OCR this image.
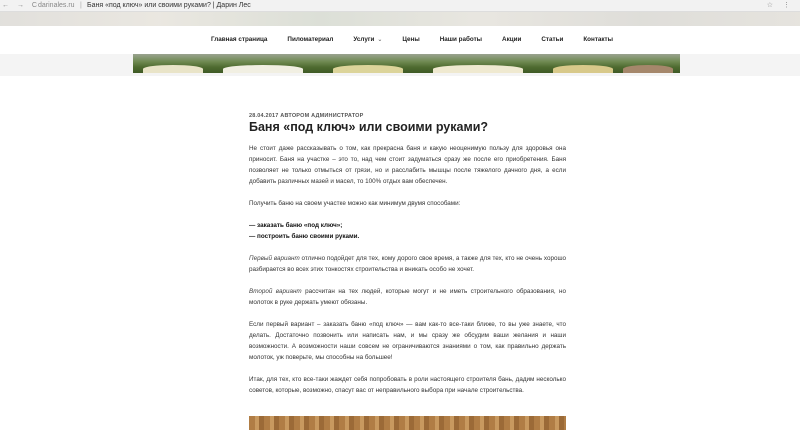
← → C
darinales.ru | Баня «под ключ» или своими руками? | Дарин Лес	☆ ⋮
Главная страница	Пиломатериал	Услуги ⌄	Цены	Наши работы	Акции	Статьи	Контакты
28.04.2017 АВТОРОМ АДМИНИСТРАТОР
Баня «под ключ» или своими руками?

Не стоит даже рассказывать о том, как прекрасна баня и какую неоценимую пользу для здоровья она приносит. Баня на участке – это то, над чем стоит задуматься сразу же после его приобретения. Баня позволяет не только отмыться от грязи, но и расслабить мышцы после тяжелого дачного дня, а если добавить различных мазей и масел, то 100% отдых вам обеспечен.

Получить баню на своем участке можно как минимум двумя способами:

— заказать баню «под ключ»;

— построить баню своими руками.

Первый вариант отлично подойдет для тех, кому дорого свое время, а также для тех, кто не очень хорошо разбирается во всех этих тонкостях строительства и вникать особо не хочет.

Второй вариант рассчитан на тех людей, которые могут и не иметь строительного образования, но молоток в руке держать умеют обязаны.

Если первый вариант – заказать баню «под ключ» — вам как-то все-таки ближе, то вы уже знаете, что делать. Достаточно позвонить или написать нам, и мы сразу же обсудим ваши желания и наши возможности. А возможности наши совсем не ограничиваются знаниями о том, как правильно держать молоток, уж поверьте, мы способны на большее!

Итак, для тех, кто все-таки жаждет себя попробовать в роли настоящего строителя бань, дадим несколько советов, которые, возможно, спасут вас от неправильного выбора при начале строительства.
